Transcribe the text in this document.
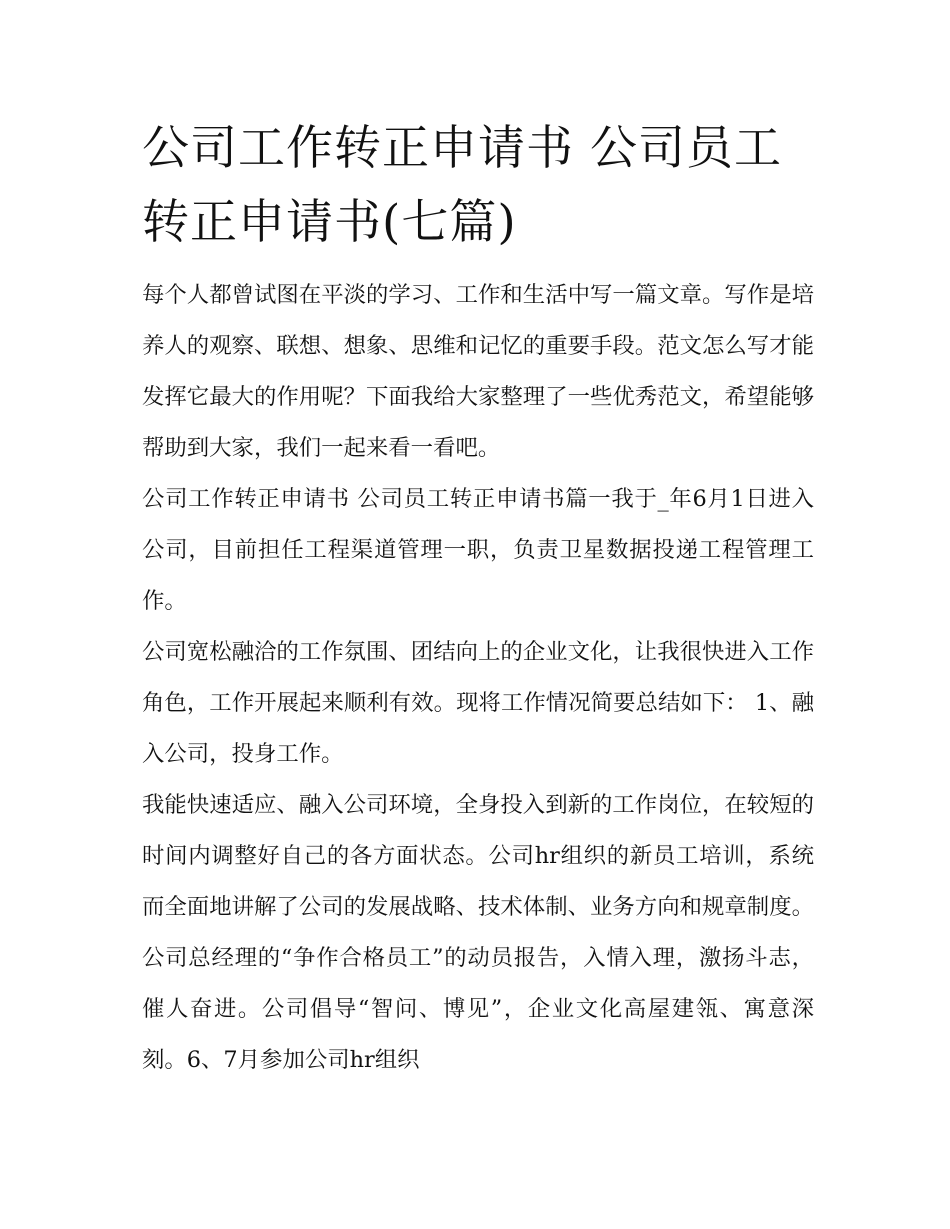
公司工作转正申请书 公司员工转正申请书(七篇)

每个人都曾试图在平淡的学习、工作和生活中写一篇文章。写作是培养人的观察、联想、想象、思维和记忆的重要手段。范文怎么写才能发挥它最大的作用呢？下面我给大家整理了一些优秀范文，希望能够帮助到大家，我们一起来看一看吧。

公司工作转正申请书 公司员工转正申请书篇一我于_年6月1日进入公司，目前担任工程渠道管理一职，负责卫星数据投递工程管理工作。

公司宽松融洽的工作氛围、团结向上的企业文化，让我很快进入工作角色，工作开展起来顺利有效。现将工作情况简要总结如下： 1、融入公司，投身工作。

我能快速适应、融入公司环境，全身投入到新的工作岗位，在较短的时间内调整好自己的各方面状态。公司hr组织的新员工培训，系统而全面地讲解了公司的发展战略、技术体制、业务方向和规章制度。公司总经理的“争作合格员工”的动员报告，入情入理，激扬斗志，催人奋进。公司倡导“智问、博见”，企业文化高屋建瓴、寓意深刻。6、7月参加公司hr组织
